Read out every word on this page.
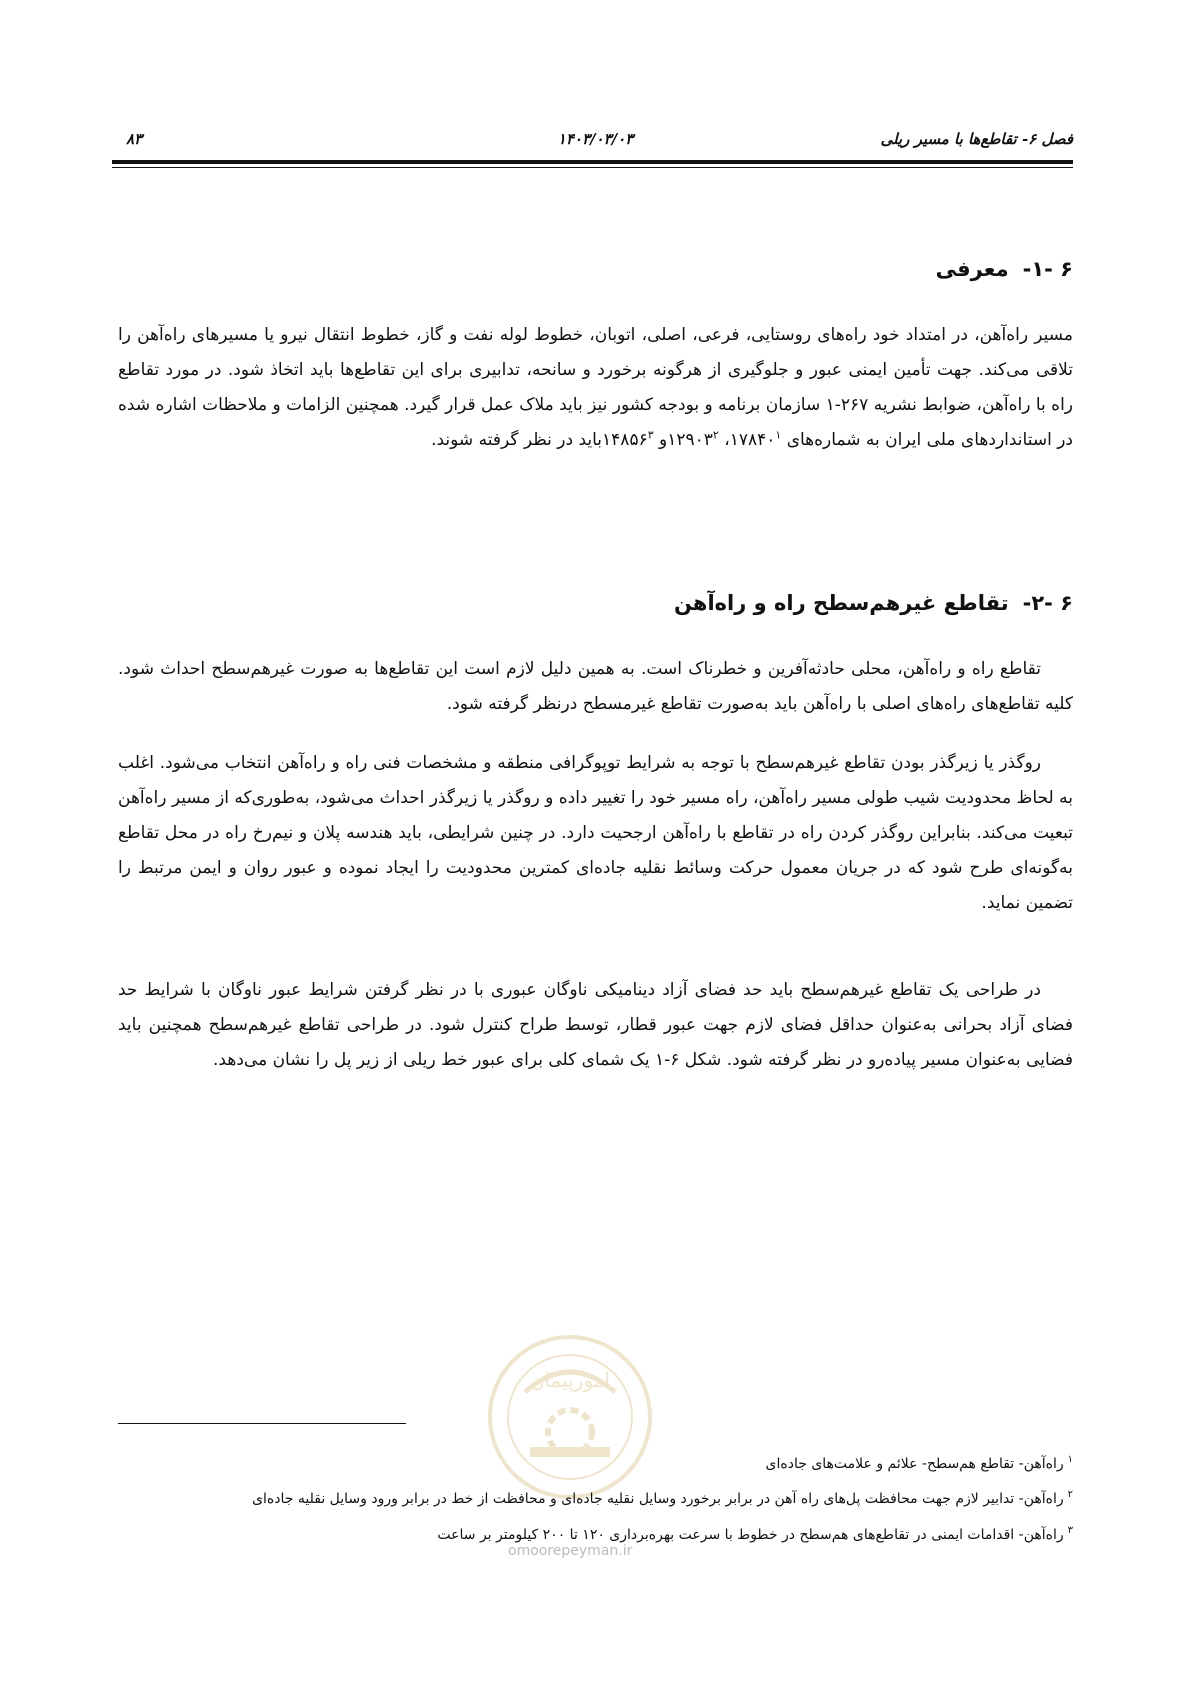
فصل ۶- تقاطع‌ها با مسیر ریلی
۱۴۰۳/۰۳/۰۳
۸۳
۶ -۱-معرفی
مسیر راه‌آهن، در امتداد خود راه‌های روستایی، فرعی، اصلی، اتوبان، خطوط لوله نفت و گاز، خطوط انتقال نیرو یا مسیرهای راه‌آهن را تلاقی می‌کند. جهت تأمین ایمنی عبور و جلوگیری از هرگونه برخورد و سانحه، تدابیری برای این تقاطع‌ها باید اتخاذ شود. در مورد تقاطع راه با راه‌آهن، ضوابط نشریه ۲۶۷-۱ سازمان برنامه و بودجه کشور نیز باید ملاک عمل قرار گیرد. همچنین الزامات و ملاحظات اشاره شده در استانداردهای ملی ایران به شماره‌های ۱۷۸۴۰$^۱$، ۱۲۹۰۳$^۲$و ۱۴۸۵۶$^۳$باید در نظر گرفته شوند.
۶ -۲-تقاطع غیرهم‌سطح راه و راه‌آهن
تقاطع راه و راه‌آهن، محلی حادثه‌آفرین و خطرناک است. به همین دلیل لازم است این تقاطع‌ها به صورت غیرهم‌سطح احداث شود. کلیه تقاطع‌های راه‌های اصلی با راه‌آهن باید به‌صورت تقاطع غیرمسطح درنظر گرفته شود.
روگذر یا زیرگذر بودن تقاطع غیرهم‌سطح با توجه به شرایط توپوگرافی منطقه و مشخصات فنی راه و راه‌آهن انتخاب می‌شود. اغلب به لحاظ محدودیت شیب طولی مسیر راه‌آهن، راه مسیر خود را تغییر داده و روگذر یا زیرگذر احداث می‌شود، به‌طوری‌که از مسیر راه‌آهن تبعیت می‌کند. بنابراین روگذر کردن راه در تقاطع با راه‌آهن ارجحیت دارد. در چنین شرایطی، باید هندسه پلان و نیم‌رخ راه در محل تقاطع به‌گونه‌ای طرح شود که در جریان معمول حرکت وسائط نقلیه جاده‌ای کمترین محدودیت را ایجاد نموده و عبور روان و ایمن مرتبط را تضمین نماید.
در طراحی یک تقاطع غیرهم‌سطح باید حد فضای آزاد دینامیکی ناوگان عبوری با در نظر گرفتن شرایط عبور ناوگان با شرایط حد فضای آزاد بحرانی به‌عنوان حداقل فضای لازم جهت عبور قطار، توسط طراح کنترل شود. در طراحی تقاطع غیرهم‌سطح همچنین باید فضایی به‌عنوان مسیر پیاده‌رو در نظر گرفته شود. شکل ۶-۱ یک شمای کلی برای عبور خط ریلی از زیر پل را نشان می‌دهد.
امورپیمان
omoorepeyman.ir
$^۱$راه‌آهن- تقاطع هم‌سطح- علائم و علامت‌های جاده‌ای
$^۲$راه‌آهن- تدابیر لازم جهت محافظت پل‌های راه آهن در برابر برخورد وسایل نقلیه جاده‌ای و محافظت از خط در برابر ورود وسایل نقلیه جاده‌ای
$^۳$راه‌آهن- اقدامات ایمنی در تقاطع‌های هم‌سطح در خطوط با سرعت بهره‌برداری ۱۲۰ تا ۲۰۰ کیلومتر بر ساعت
